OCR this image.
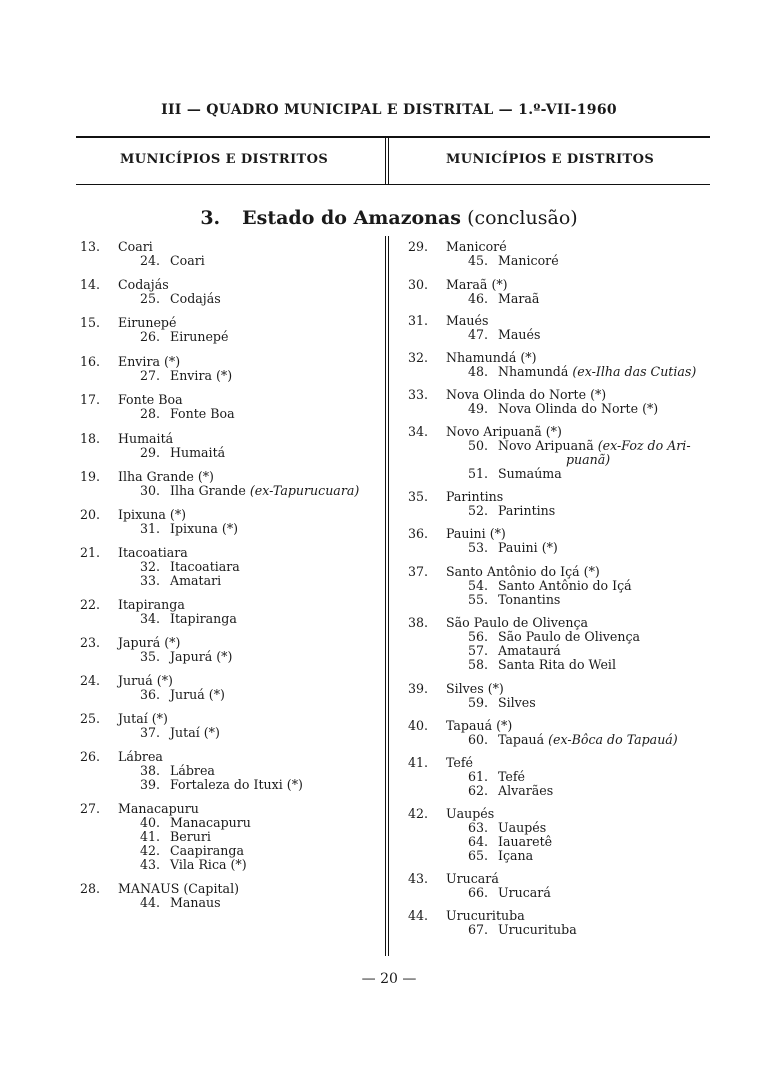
III — QUADRO MUNICIPAL E DISTRITAL — 1.º-VII-1960
MUNICÍPIOS E DISTRITOS	MUNICÍPIOS E DISTRITOS
3. Estado do Amazonas (conclusão)
13.	Coari
24. Coari
14.	Codajás
25. Codajás
15.	Eirunepé
26. Eirunepé
16.	Envira (*)
27. Envira (*)
17.	Fonte Boa
28. Fonte Boa
18.	Humaitá
29. Humaitá
19.	Ilha Grande (*)
30. Ilha Grande (ex-Tapurucuara)
20.	Ipixuna (*)
31. Ipixuna (*)
21.	Itacoatiara
32. Itacoatiara
33. Amatari
22.	Itapiranga
34. Itapiranga
23.	Japurá (*)
35. Japurá (*)
24.	Juruá (*)
36. Juruá (*)
25.	Jutaí (*)
37. Jutaí (*)
26.	Lábrea
38. Lábrea
39. Fortaleza do Ituxi (*)
27.	Manacapuru
40. Manacapuru
41. Beruri
42. Caapiranga
43. Vila Rica (*)
28.	MANAUS (Capital)
44. Manaus
29.	Manicoré
45. Manicoré
30.	Maraã (*)
46. Maraã
31.	Maués
47. Maués
32.	Nhamundá (*)
48. Nhamundá (ex-Ilha das Cutias)
33.	Nova Olinda do Norte (*)
49. Nova Olinda do Norte (*)
34.	Novo Aripuanã (*)
50. Novo Aripuanã (ex-Foz do Ari-
puanã)
51. Sumaúma
35.	Parintins
52. Parintins
36.	Pauini (*)
53. Pauini (*)
37.	Santo Antônio do Içá (*)
54. Santo Antônio do Içá
55. Tonantins
38.	São Paulo de Olivença
56. São Paulo de Olivença
57. Amataurá
58. Santa Rita do Weil
39.	Silves (*)
59. Silves
40.	Tapauá (*)
60. Tapauá (ex-Bôca do Tapauá)
41.	Tefé
61. Tefé
62. Alvarães
42.	Uaupés
63. Uaupés
64. Iauaretê
65. Içana
43.	Urucará
66. Urucará
44.	Urucurituba
67. Urucurituba
— 20 —
